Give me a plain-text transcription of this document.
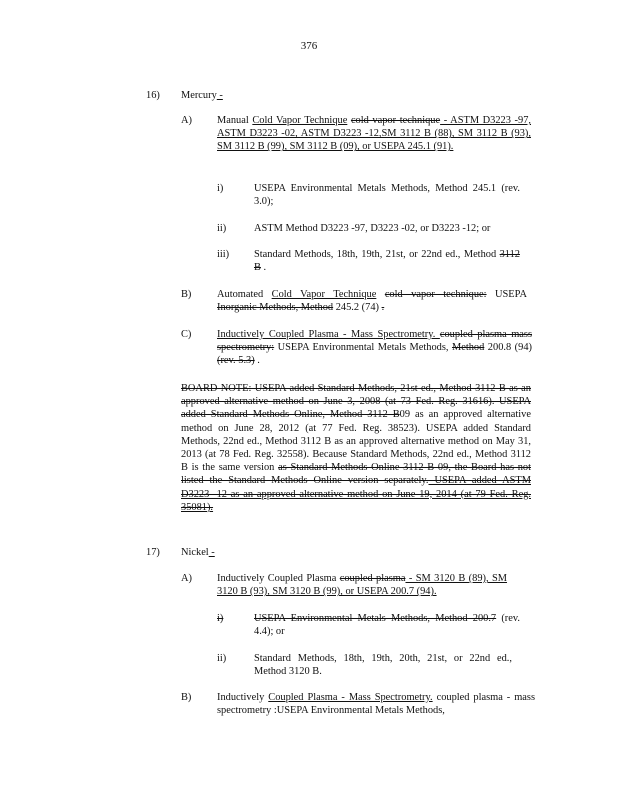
376
16) Mercury -
A) Manual Cold Vapor Technique cold vapor technique - ASTM D3223 -97, ASTM D3223 -02, ASTM D3223 -12,SM 3112 B (88), SM 3112 B (93), SM 3112 B (99), SM 3112 B (09), or USEPA 245.1 (91).
i)	USEPA Environmental Metals Methods, Method 245.1 (rev. 3.0);
ii)	ASTM Method D3223 -97, D3223 -02, or D3223 -12; or
iii) Standard Methods, 18th, 19th, 21st, or 22nd ed., Method 3112 B .
B) Automated Cold Vapor Technique cold vapor technique: USEPA Inorganic Methods, Method 245.2 (74) .
C) Inductively Coupled Plasma - Mass Spectrometry. coupled plasma mass spectrometry: USEPA Environmental Metals Methods, Method 200.8 (94) (rev. 5.3) .
BOARD NOTE: USEPA added Standard Methods, 21st ed., Method 3112 B as an approved alternative method on June 3, 2008 (at 73 Fed. Reg. 31616). USEPA added Standard Methods Online, Method 3112 B09 as an approved alternative method on June 28, 2012 (at 77 Fed. Reg. 38523). USEPA added Standard Methods, 22nd ed., Method 3112 B as an approved alternative method on May 31, 2013 (at 78 Fed. Reg. 32558). Because Standard Methods, 22nd ed., Method 3112 B is the same version as Standard Methods Online 3112 B 09, the Board has not listed the Standard Methods Online version separately. USEPA added ASTM D3223 -12 as an approved alternative method on June 19, 2014 (at 79 Fed. Reg. 35081).
17) Nickel -
A) Inductively Coupled Plasma coupled plasma - SM 3120 B (89), SM 3120 B (93), SM 3120 B (99), or USEPA 200.7 (94).
i)	USEPA Environmental Metals Methods, Method 200.7 (rev. 4.4); or
ii)	Standard Methods, 18th, 19th, 20th, 21st, or 22nd ed., Method 3120 B.
B) Inductively Coupled Plasma - Mass Spectrometry. coupled plasma - mass spectrometry :USEPA Environmental Metals Methods,
